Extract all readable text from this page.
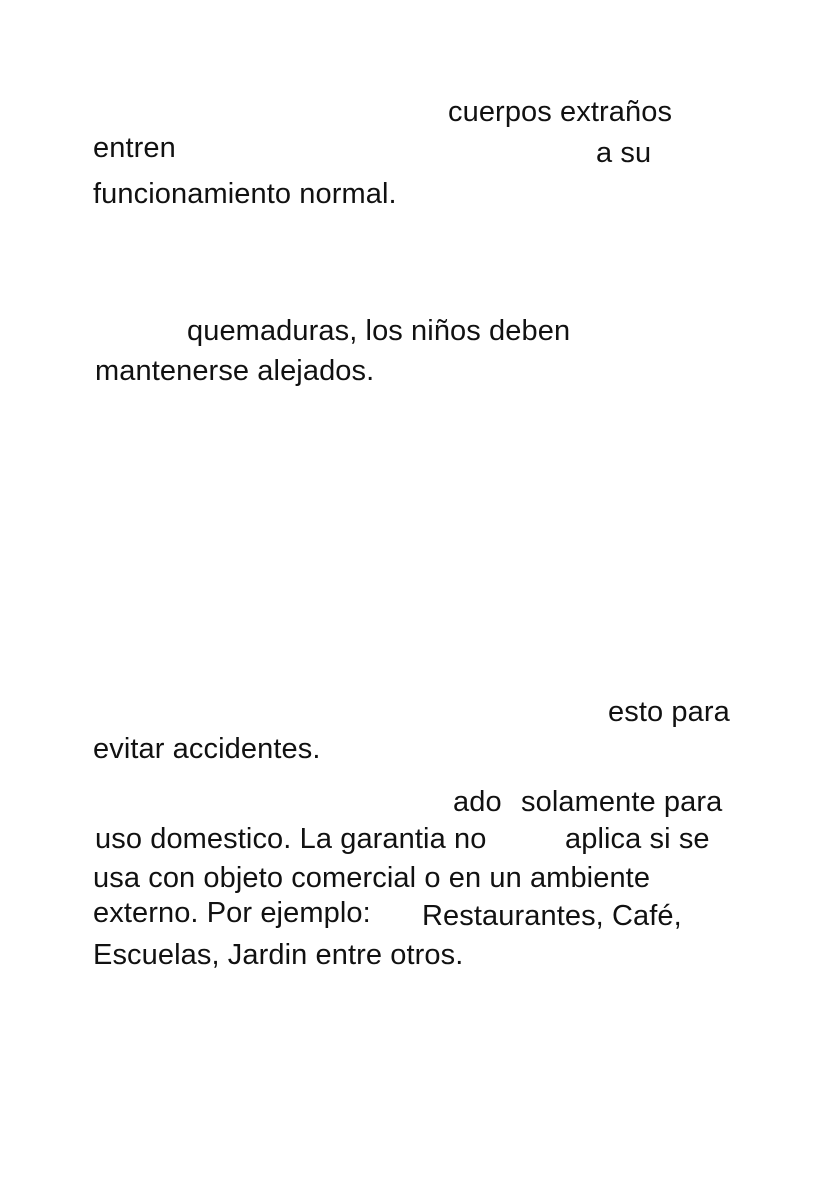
cuerpos extraños
entren	a su
funcionamiento normal.
quemaduras, los niños deben
mantenerse alejados.
esto para
evitar accidentes.
ado solamente para
uso domestico. La garantia no	aplica si se
usa con objeto comercial o en un ambiente
externo. Por ejemplo: Restaurantes, Café,
Escuelas, Jardin entre otros.
